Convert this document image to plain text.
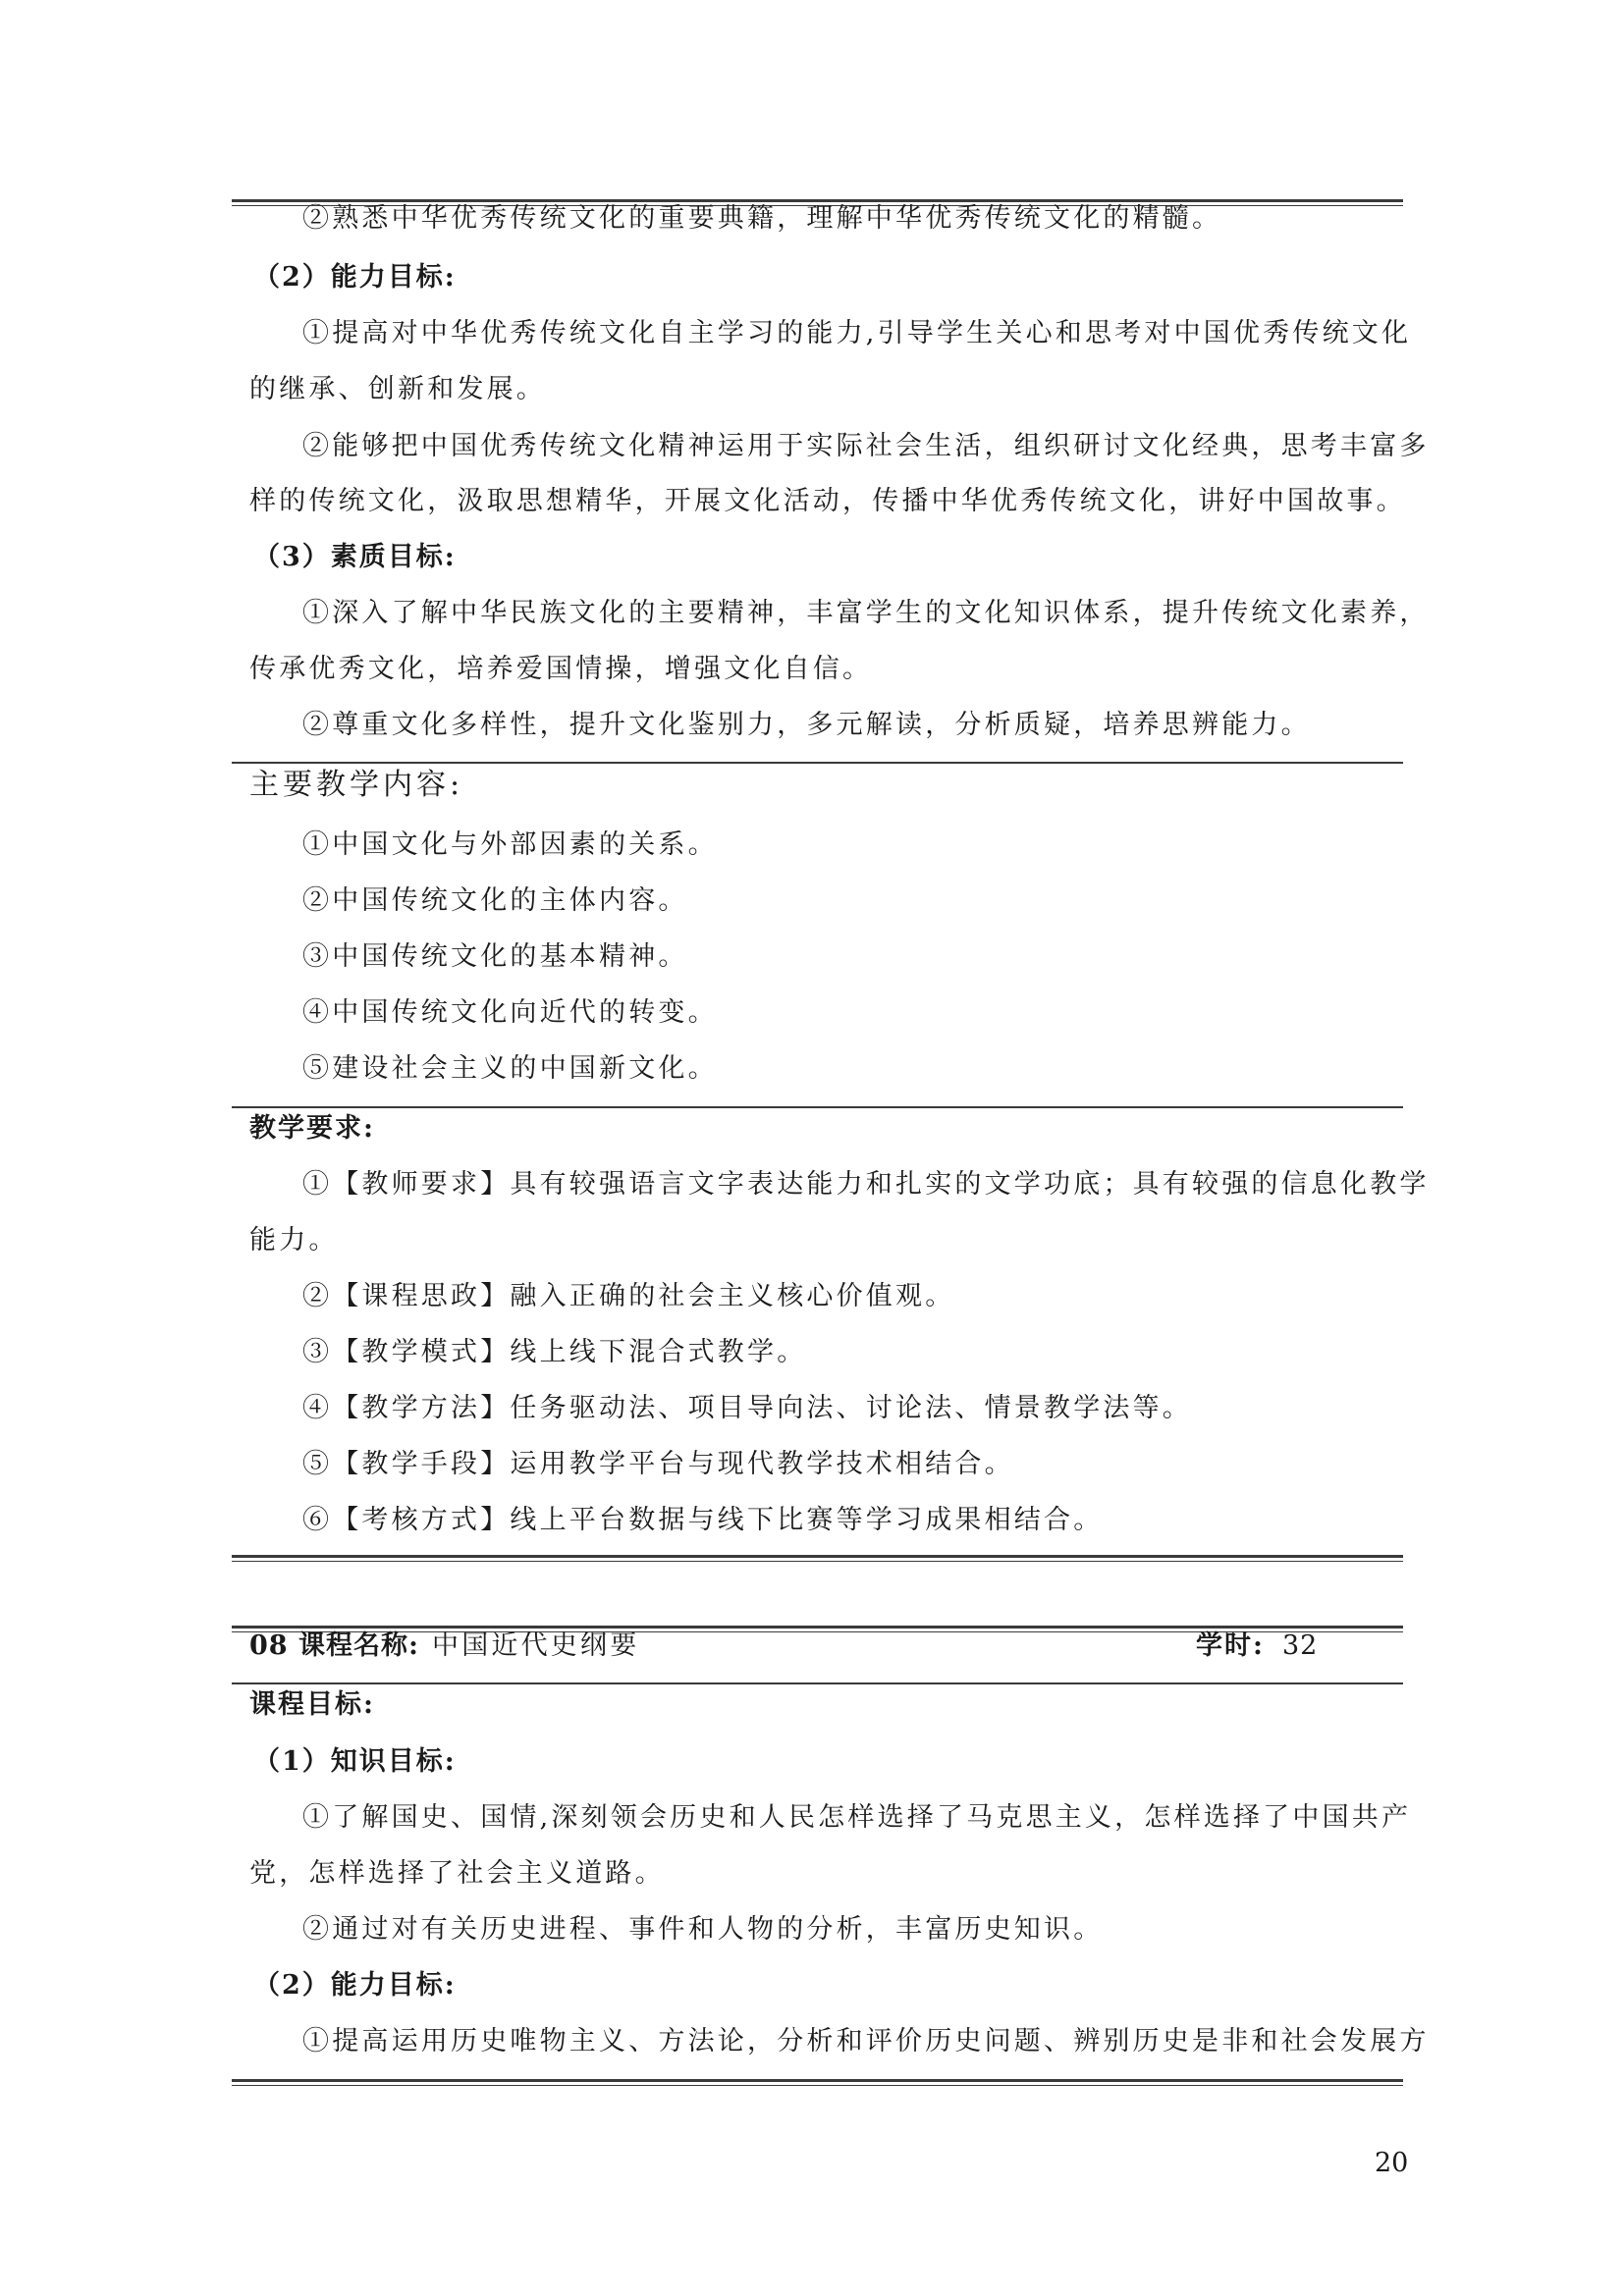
②熟悉中华优秀传统文化的重要典籍，理解中华优秀传统文化的精髓。
（2）能力目标:
①提高对中华优秀传统文化自主学习的能力,引导学生关心和思考对中国优秀传统文化
的继承、创新和发展。
②能够把中国优秀传统文化精神运用于实际社会生活，组织研讨文化经典，思考丰富多
样的传统文化，汲取思想精华，开展文化活动，传播中华优秀传统文化，讲好中国故事。
（3）素质目标:
①深入了解中华民族文化的主要精神，丰富学生的文化知识体系，提升传统文化素养，
传承优秀文化，培养爱国情操，增强文化自信。
②尊重文化多样性，提升文化鉴别力，多元解读，分析质疑，培养思辨能力。
主要教学内容:
①中国文化与外部因素的关系。
②中国传统文化的主体内容。
③中国传统文化的基本精神。
④中国传统文化向近代的转变。
⑤建设社会主义的中国新文化。
教学要求:
①【教师要求】具有较强语言文字表达能力和扎实的文学功底；具有较强的信息化教学
能力。
②【课程思政】融入正确的社会主义核心价值观。
③【教学模式】线上线下混合式教学。
④【教学方法】任务驱动法、项目导向法、讨论法、情景教学法等。
⑤【教学手段】运用教学平台与现代教学技术相结合。
⑥【考核方式】线上平台数据与线下比赛等学习成果相结合。
08 课程名称: 中国近代史纲要	学时: 32
课程目标:
（1）知识目标:
①了解国史、国情,深刻领会历史和人民怎样选择了马克思主义，怎样选择了中国共产
党，怎样选择了社会主义道路。
②通过对有关历史进程、事件和人物的分析，丰富历史知识。
（2）能力目标:
①提高运用历史唯物主义、方法论，分析和评价历史问题、辨别历史是非和社会发展方
20
